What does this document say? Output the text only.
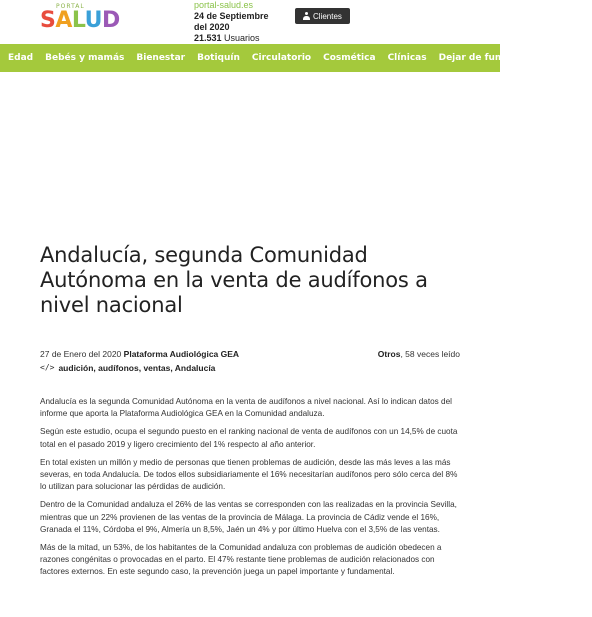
PORTAL
SALUD
portal-salud.es
24 de Septiembre
del 2020
21.531 Usuarios
Clientes
Edad	Bebés y mamás	Bienestar	Botiquín	Circulatorio	Cosmética	Clínicas	Dejar de fumar	Mental	Mi
Andalucía, segunda Comunidad Autónoma en la venta de audífonos a nivel nacional
27 de Enero del 2020 Plataforma Audiológica GEA	Otros, 58 veces leído
</> audición, audífonos, ventas, Andalucía

Andalucía es la segunda Comunidad Autónoma en la venta de audífonos a nivel nacional. Así lo indican datos del informe que aporta la Plataforma Audiológica GEA en la Comunidad andaluza.

Según este estudio, ocupa el segundo puesto en el ranking nacional de venta de audífonos con un 14,5% de cuota total en el pasado 2019 y ligero crecimiento del 1% respecto al año anterior.

En total existen un millón y medio de personas que tienen problemas de audición, desde las más leves a las más severas, en toda Andalucía. De todos ellos subsidiariamente el 16% necesitarían audífonos pero sólo cerca del 8% lo utilizan para solucionar las pérdidas de audición.

Dentro de la Comunidad andaluza el 26% de las ventas se corresponden con las realizadas en la provincia Sevilla, mientras que un 22% provienen de las ventas de la provincia de Málaga. La provincia de Cádiz vende el 16%, Granada el 11%, Córdoba el 9%, Almería un 8,5%, Jaén un 4% y por último Huelva con el 3,5% de las ventas.

Más de la mitad, un 53%, de los habitantes de la Comunidad andaluza con problemas de audición obedecen a razones congénitas o provocadas en el parto. El 47% restante tiene problemas de audición relacionados con factores externos. En este segundo caso, la prevención juega un papel importante y fundamental.
